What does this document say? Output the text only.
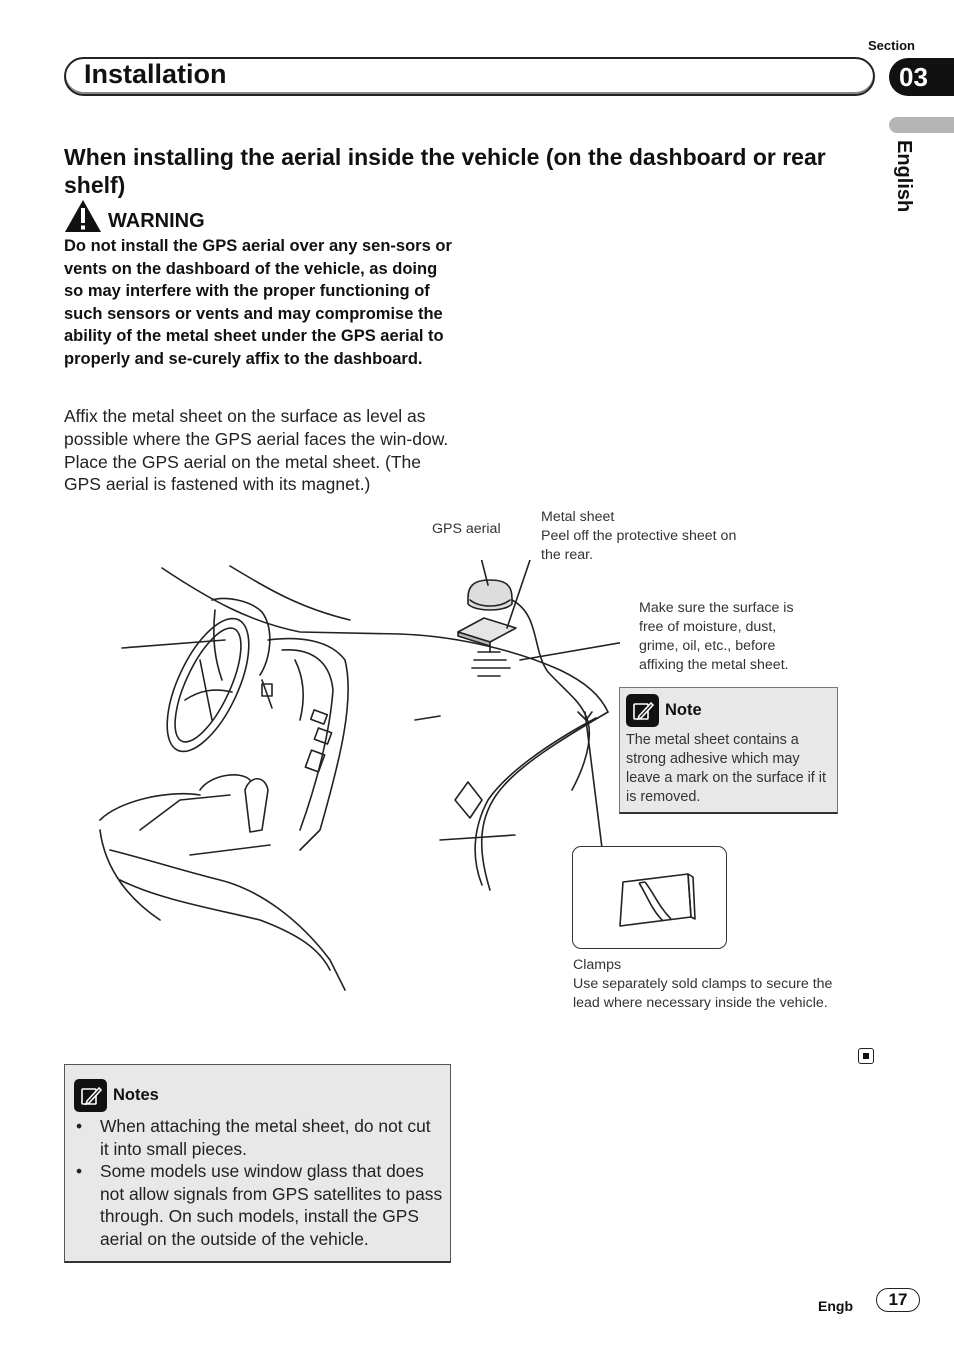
Section
03
Installation
English
When installing the aerial inside the vehicle (on the dashboard or rear shelf)
WARNING
Do not install the GPS aerial over any sen-sors or vents on the dashboard of the vehicle, as doing so may interfere with the proper functioning of such sensors or vents and may compromise the ability of the metal sheet under the GPS aerial to properly and se-curely affix to the dashboard.
Affix the metal sheet on the surface as level as possible where the GPS aerial faces the win-dow. Place the GPS aerial on the metal sheet. (The GPS aerial is fastened with its magnet.)
GPS aerial
Metal sheet
Peel off the protective sheet on the rear.
Make sure the surface is free of moisture, dust, grime, oil, etc., before affixing the metal sheet.
Note
The metal sheet contains a strong adhesive which may leave a mark on the surface if it is removed.
Clamps
Use separately sold clamps to secure the lead where necessary inside the vehicle.
Notes
• When attaching the metal sheet, do not cut it into small pieces.
• Some models use window glass that does not allow signals from GPS satellites to pass through. On such models, install the GPS aerial on the outside of the vehicle.
Engb	17
